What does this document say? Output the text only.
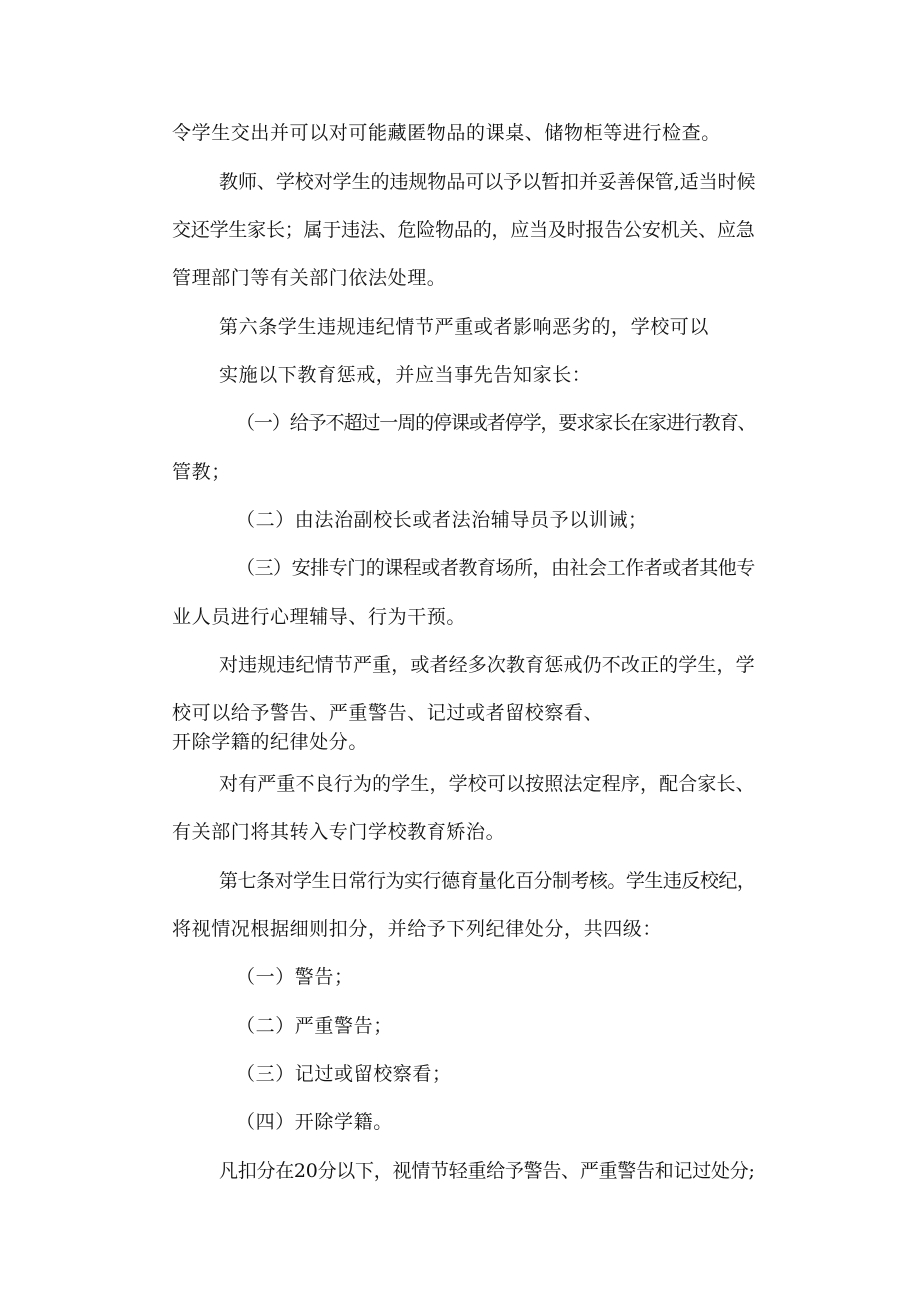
令学生交出并可以对可能藏匿物品的课桌、储物柜等进行检查。
教师、学校对学生的违规物品可以予以暂扣并妥善保管,适当时候
交还学生家长；属于违法、危险物品的，应当及时报告公安机关、应急
管理部门等有关部门依法处理。
第六条学生违规违纪情节严重或者影响恶劣的，学校可以
实施以下教育惩戒，并应当事先告知家长：
（一）给予不超过一周的停课或者停学，要求家长在家进行教育、
管教；
（二）由法治副校长或者法治辅导员予以训诫；
（三）安排专门的课程或者教育场所，由社会工作者或者其他专
业人员进行心理辅导、行为干预。
对违规违纪情节严重，或者经多次教育惩戒仍不改正的学生，学
校可以给予警告、严重警告、记过或者留校察看、
开除学籍的纪律处分。
对有严重不良行为的学生，学校可以按照法定程序，配合家长、
有关部门将其转入专门学校教育矫治。
第七条对学生日常行为实行德育量化百分制考核。学生违反校纪，
将视情况根据细则扣分，并给予下列纪律处分，共四级：
（一）警告；
（二）严重警告；
（三）记过或留校察看；
（四）开除学籍。
凡扣分在20分以下，视情节轻重给予警告、严重警告和记过处分;
